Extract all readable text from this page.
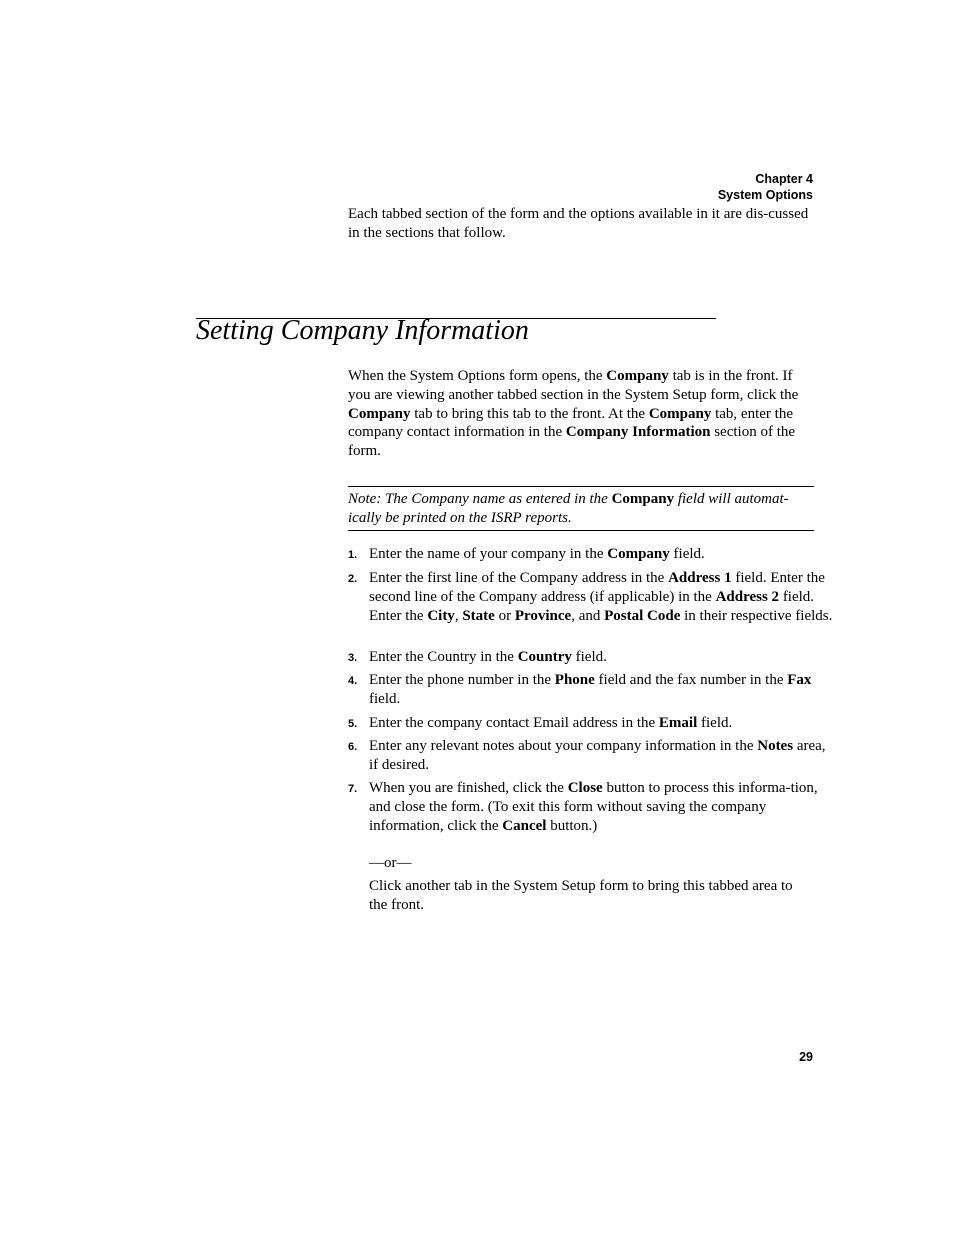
Chapter 4
System Options
Each tabbed section of the form and the options available in it are dis-cussed in the sections that follow.
Setting Company Information

When the System Options form opens, the Company tab is in the front. If you are viewing another tabbed section in the System Setup form, click the Company tab to bring this tab to the front. At the Company tab, enter the company contact information in the Company Information section of the form.

Note: The Company name as entered in the Company field will automat-ically be printed on the ISRP reports.
1. Enter the name of your company in the Company field.
2. Enter the first line of the Company address in the Address 1 field. Enter the second line of the Company address (if applicable) in the Address 2 field. Enter the City, State or Province, and Postal Code in their respective fields.
3. Enter the Country in the Country field.
4. Enter the phone number in the Phone field and the fax number in the Fax field.
5. Enter the company contact Email address in the Email field.
6. Enter any relevant notes about your company information in the Notes area, if desired.
7. When you are finished, click the Close button to process this informa-tion, and close the form. (To exit this form without saving the company information, click the Cancel button.)
—or—
Click another tab in the System Setup form to bring this tabbed area to the front.
29
